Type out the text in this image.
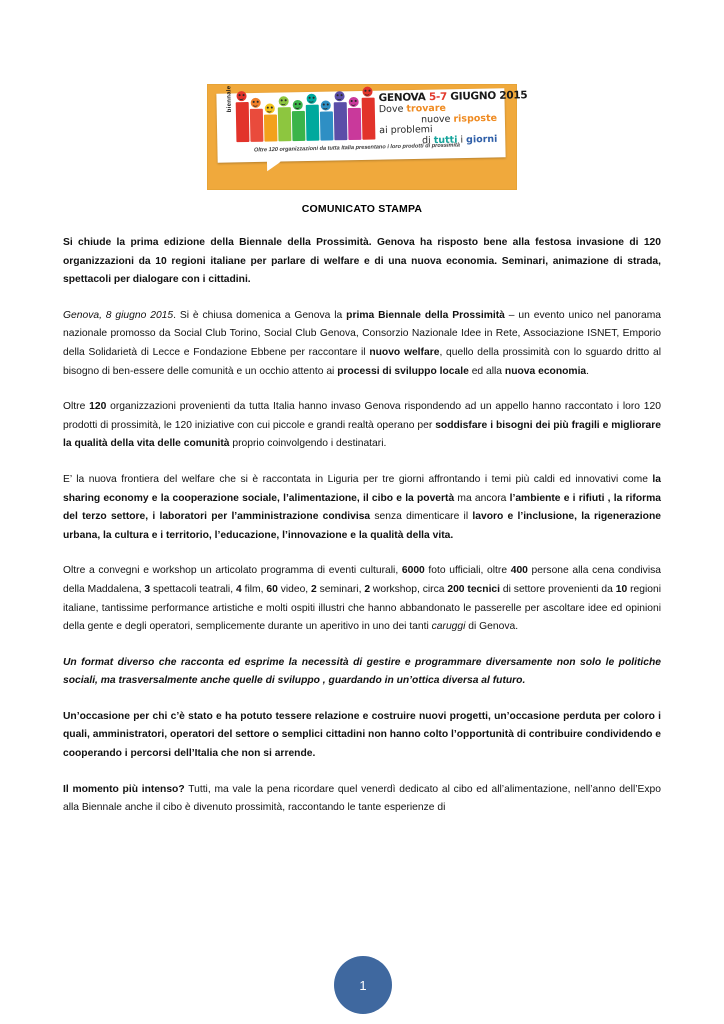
biennale	GENOVA 5-7 GIUGNO 2015
Dove trovare
nuove risposte
ai problemi
di tutti i giorni
Oltre 120 organizzazioni da tutta Italia presentano i loro prodotti di prossimità
COMUNICATO STAMPA

Si chiude la prima edizione della Biennale della Prossimità. Genova ha risposto bene alla festosa invasione di 120 organizzazioni da 10 regioni italiane per parlare di welfare e di una nuova economia. Seminari, animazione di strada, spettacoli per dialogare con i cittadini.

Genova, 8 giugno 2015. Si è chiusa domenica a Genova la prima Biennale della Prossimità – un evento unico nel panorama nazionale promosso da Social Club Torino, Social Club Genova, Consorzio Nazionale Idee in Rete, Associazione ISNET, Emporio della Solidarietà di Lecce e Fondazione Ebbene per raccontare il nuovo welfare, quello della prossimità con lo sguardo dritto al bisogno di ben-essere delle comunità e un occhio attento ai processi di sviluppo locale ed alla nuova economia.

Oltre 120 organizzazioni provenienti da tutta Italia hanno invaso Genova rispondendo ad un appello hanno raccontato i loro 120 prodotti di prossimità, le 120 iniziative con cui piccole e grandi realtà operano per soddisfare i bisogni dei più fragili e migliorare la qualità della vita delle comunità proprio coinvolgendo i destinatari.

E’ la nuova frontiera del welfare che si è raccontata in Liguria per tre giorni affrontando i temi più caldi ed innovativi come la sharing economy e la cooperazione sociale, l’alimentazione, il cibo e la povertà ma ancora l’ambiente e i rifiuti , la riforma del terzo settore, i laboratori per l’amministrazione condivisa senza dimenticare il lavoro e l’inclusione, la rigenerazione urbana, la cultura e i territorio, l’educazione, l’innovazione e la qualità della vita.

Oltre a convegni e workshop un articolato programma di eventi culturali, 6000 foto ufficiali, oltre 400 persone alla cena condivisa della Maddalena, 3 spettacoli teatrali, 4 film, 60 video, 2 seminari, 2 workshop, circa 200 tecnici di settore provenienti da 10 regioni italiane, tantissime performance artistiche e molti ospiti illustri che hanno abbandonato le passerelle per ascoltare idee ed opinioni della gente e degli operatori, semplicemente durante un aperitivo in uno dei tanti caruggi di Genova.

Un format diverso che racconta ed esprime la necessità di gestire e programmare diversamente non solo le politiche sociali, ma trasversalmente anche quelle di sviluppo , guardando in un’ottica diversa al futuro.

Un’occasione per chi c’è stato e ha potuto tessere relazione e costruire nuovi progetti, un’occasione perduta per coloro i quali, amministratori, operatori del settore o semplici cittadini non hanno colto l’opportunità di contribuire condividendo e cooperando i percorsi dell’Italia che non si arrende.

Il momento più intenso? Tutti, ma vale la pena ricordare quel venerdì dedicato al cibo ed all’alimentazione, nell’anno dell’Expo alla Biennale anche il cibo è divenuto prossimità, raccontando le tante esperienze di

1
